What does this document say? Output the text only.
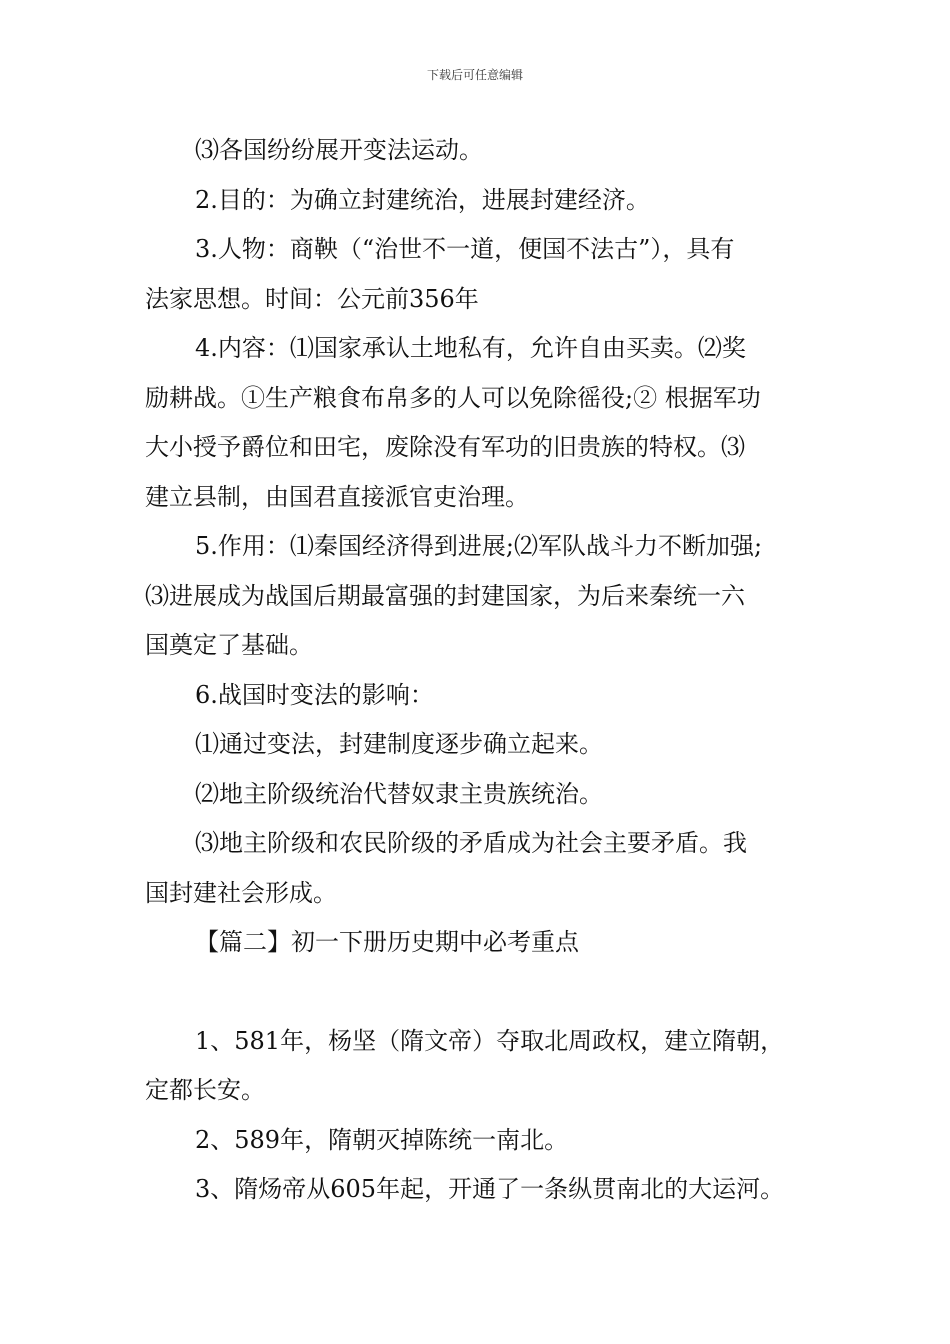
下载后可任意编辑

⑶各国纷纷展开变法运动。

2.目的：为确立封建统治，进展封建经济。

3.人物：商鞅（“治世不一道，便国不法古”），具有

法家思想。时间：公元前356年

4.内容：⑴国家承认土地私有，允许自由买卖。⑵奖

励耕战。①生产粮食布帛多的人可以免除徭役;② 根据军功

大小授予爵位和田宅，废除没有军功的旧贵族的特权。⑶

建立县制，由国君直接派官吏治理。

5.作用：⑴秦国经济得到进展;⑵军队战斗力不断加强;

⑶进展成为战国后期最富强的封建国家，为后来秦统一六

国奠定了基础。

6.战国时变法的影响：

⑴通过变法，封建制度逐步确立起来。

⑵地主阶级统治代替奴隶主贵族统治。

⑶地主阶级和农民阶级的矛盾成为社会主要矛盾。我

国封建社会形成。

【篇二】初一下册历史期中必考重点

1、581年，杨坚（隋文帝）夺取北周政权，建立隋朝，

定都长安。

2、589年，隋朝灭掉陈统一南北。

3、隋炀帝从605年起，开通了一条纵贯南北的大运河。
